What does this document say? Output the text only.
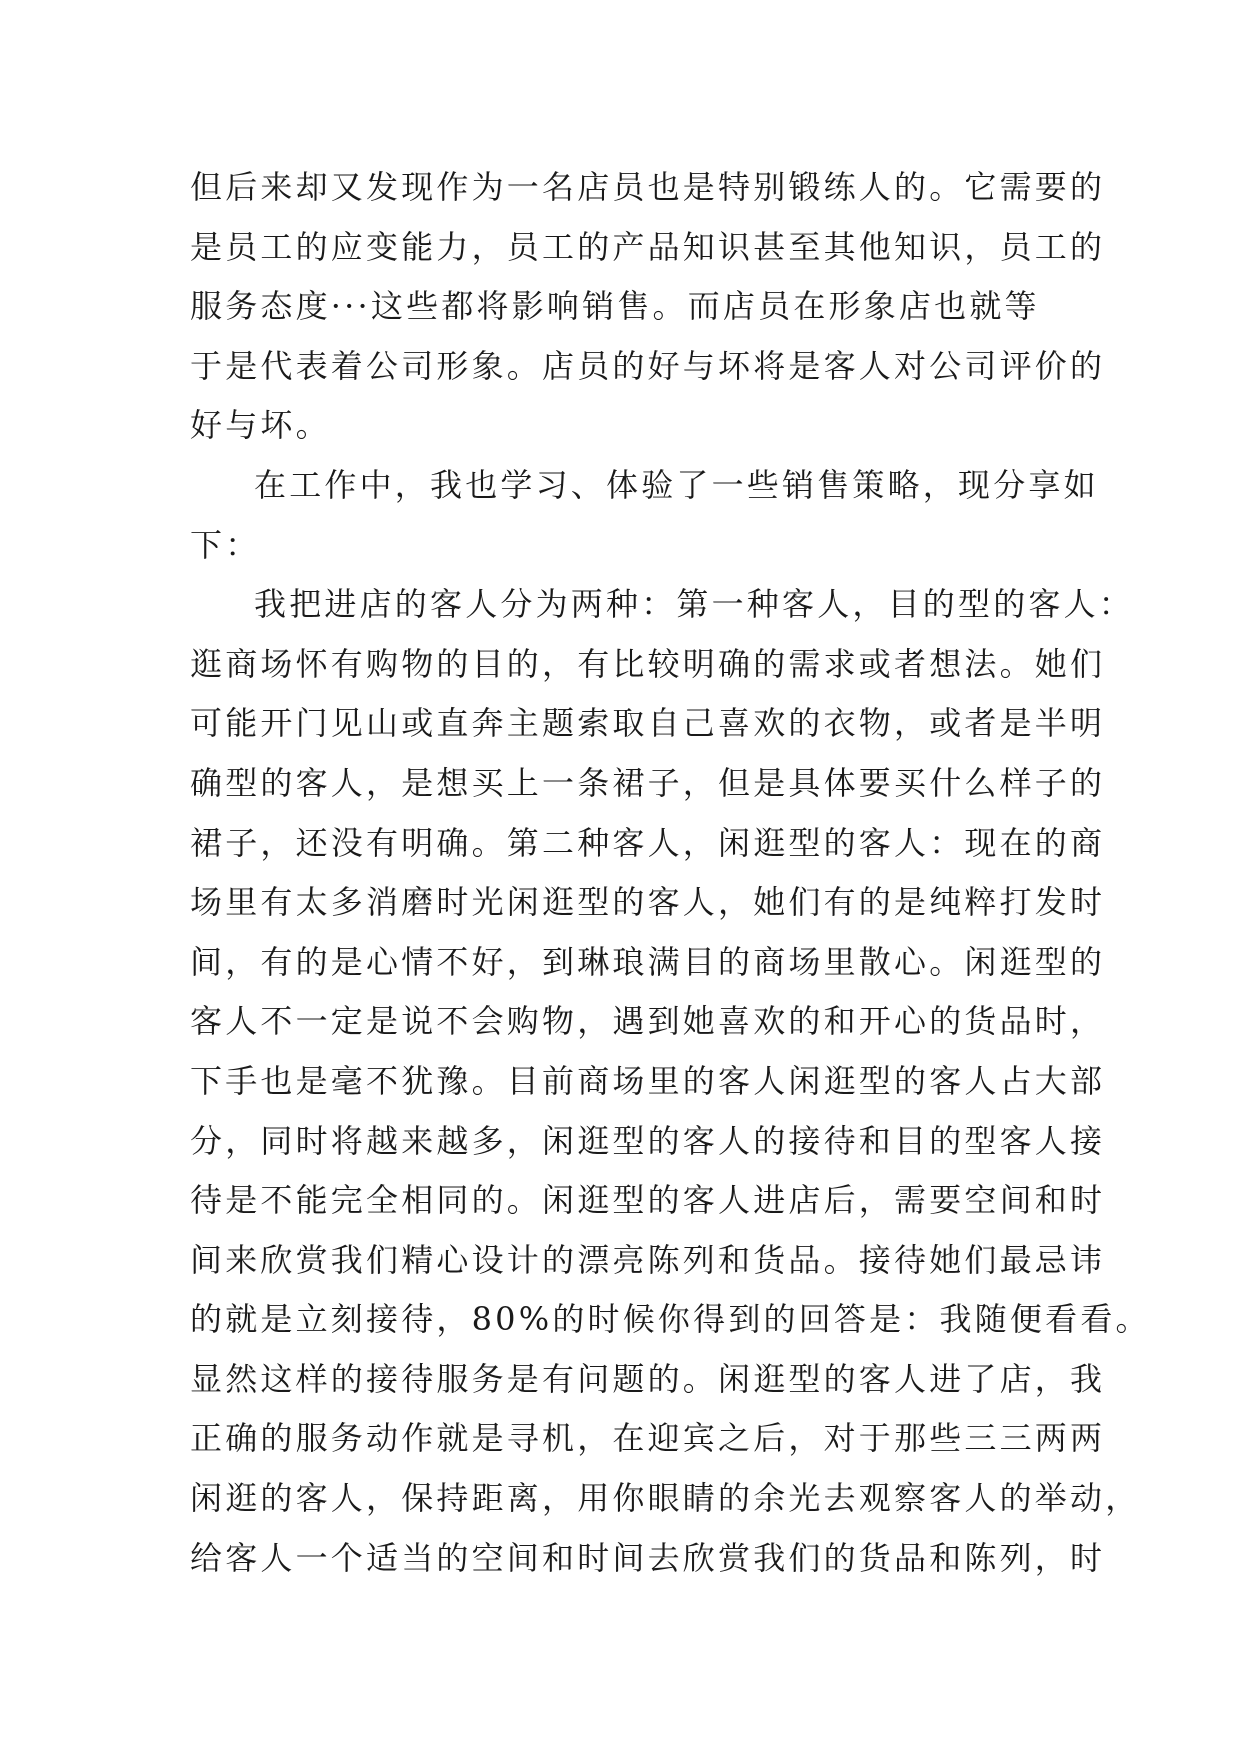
但后来却又发现作为一名店员也是特别锻练人的。它需要的
是员工的应变能力，员工的产品知识甚至其他知识，员工的
服务态度···这些都将影响销售。而店员在形象店也就等
于是代表着公司形象。店员的好与坏将是客人对公司评价的
好与坏。
在工作中，我也学习、体验了一些销售策略，现分享如
下：
我把进店的客人分为两种：第一种客人，目的型的客人：
逛商场怀有购物的目的，有比较明确的需求或者想法。她们
可能开门见山或直奔主题索取自己喜欢的衣物，或者是半明
确型的客人，是想买上一条裙子，但是具体要买什么样子的
裙子，还没有明确。第二种客人，闲逛型的客人：现在的商
场里有太多消磨时光闲逛型的客人，她们有的是纯粹打发时
间，有的是心情不好，到琳琅满目的商场里散心。闲逛型的
客人不一定是说不会购物，遇到她喜欢的和开心的货品时，
下手也是毫不犹豫。目前商场里的客人闲逛型的客人占大部
分，同时将越来越多，闲逛型的客人的接待和目的型客人接
待是不能完全相同的。闲逛型的客人进店后，需要空间和时
间来欣赏我们精心设计的漂亮陈列和货品。接待她们最忌讳
的就是立刻接待，80%的时候你得到的回答是：我随便看看。
显然这样的接待服务是有问题的。闲逛型的客人进了店，我
正确的服务动作就是寻机，在迎宾之后，对于那些三三两两
闲逛的客人，保持距离，用你眼睛的余光去观察客人的举动，
给客人一个适当的空间和时间去欣赏我们的货品和陈列，时
